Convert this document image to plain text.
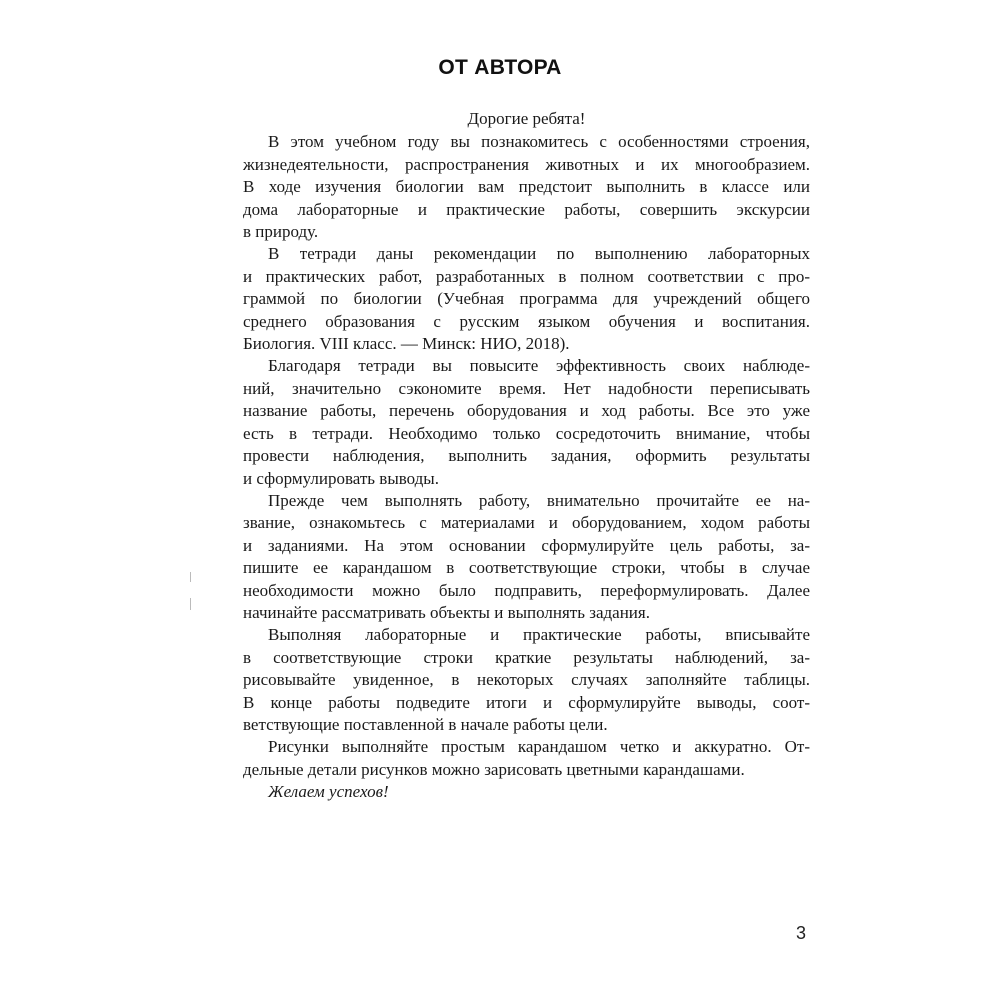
ОТ АВТОРА
Дорогие ребята!
В этом учебном году вы познакомитесь с особенностями строения,
жизнедеятельности, распространения животных и их многообразием.
В ходе изучения биологии вам предстоит выполнить в классе или
дома лабораторные и практические работы, совершить экскурсии
в природу.
В тетради даны рекомендации по выполнению лабораторных
и практических работ, разработанных в полном соответствии с про-
граммой по биологии (Учебная программа для учреждений общего
среднего образования с русским языком обучения и воспитания.
Биология. VIII класс. — Минск: НИО, 2018).
Благодаря тетради вы повысите эффективность своих наблюде-
ний, значительно сэкономите время. Нет надобности переписывать
название работы, перечень оборудования и ход работы. Все это уже
есть в тетради. Необходимо только сосредоточить внимание, чтобы
провести наблюдения, выполнить задания, оформить результаты
и сформулировать выводы.
Прежде чем выполнять работу, внимательно прочитайте ее на-
звание, ознакомьтесь с материалами и оборудованием, ходом работы
и заданиями. На этом основании сформулируйте цель работы, за-
пишите ее карандашом в соответствующие строки, чтобы в случае
необходимости можно было подправить, переформулировать. Далее
начинайте рассматривать объекты и выполнять задания.
Выполняя лабораторные и практические работы, вписывайте
в соответствующие строки краткие результаты наблюдений, за-
рисовывайте увиденное, в некоторых случаях заполняйте таблицы.
В конце работы подведите итоги и сформулируйте выводы, соот-
ветствующие поставленной в начале работы цели.
Рисунки выполняйте простым карандашом четко и аккуратно. От-
дельные детали рисунков можно зарисовать цветными карандашами.
Желаем успехов!
3
